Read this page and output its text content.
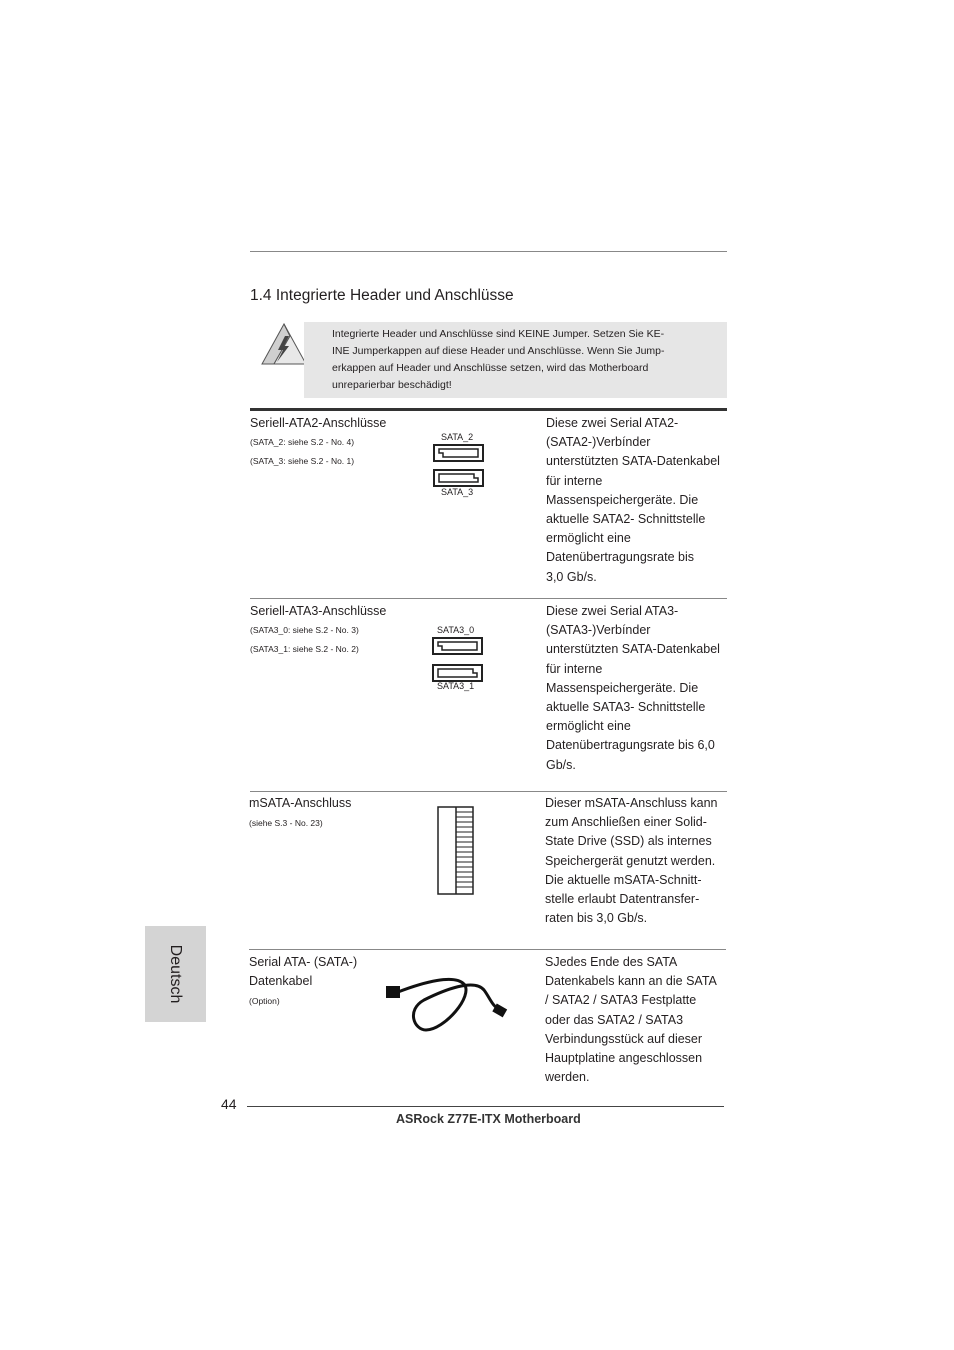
1.4 Integrierte Header und Anschlüsse
Integrierte Header und Anschlüsse sind KEINE Jumper. Setzen Sie KE-
INE Jumperkappen auf diese Header und Anschlüsse. Wenn Sie Jump-
erkappen auf Header und Anschlüsse setzen, wird das Motherboard
unreparierbar beschädigt!
Seriell-ATA2-Anschlüsse
(SATA_2: siehe S.2 - No. 4)
(SATA_3: siehe S.2 - No. 1)
SATA_2
SATA_3
Diese zwei Serial ATA2-
(SATA2-)Verbínder
unterstützten SATA-Datenkabel
für interne
Massenspeichergeräte. Die
aktuelle SATA2- Schnittstelle
ermöglicht eine
Datenübertragungsrate bis
3,0 Gb/s.
Seriell-ATA3-Anschlüsse
(SATA3_0: siehe S.2 - No. 3)
(SATA3_1: siehe S.2 - No. 2)
SATA3_0
SATA3_1
Diese zwei Serial ATA3-
(SATA3-)Verbínder
unterstützten SATA-Datenkabel
für interne
Massenspeichergeräte. Die
aktuelle SATA3- Schnittstelle
ermöglicht eine
Datenübertragungsrate bis 6,0
Gb/s.
mSATA-Anschluss
(siehe S.3 - No. 23)
Dieser mSATA-Anschluss kann
zum Anschließen einer Solid-
State Drive (SSD) als internes
Speichergerät genutzt werden.
Die aktuelle mSATA-Schnitt-
stelle erlaubt Datentransfer-
raten bis 3,0 Gb/s.
Serial ATA- (SATA-)
Datenkabel
(Option)
SJedes Ende des SATA
Datenkabels kann an die SATA
/ SATA2 / SATA3 Festplatte
oder das SATA2 / SATA3
Verbindungsstück auf dieser
Hauptplatine angeschlossen
werden.
Deutsch
44
ASRock Z77E-ITX Motherboard
